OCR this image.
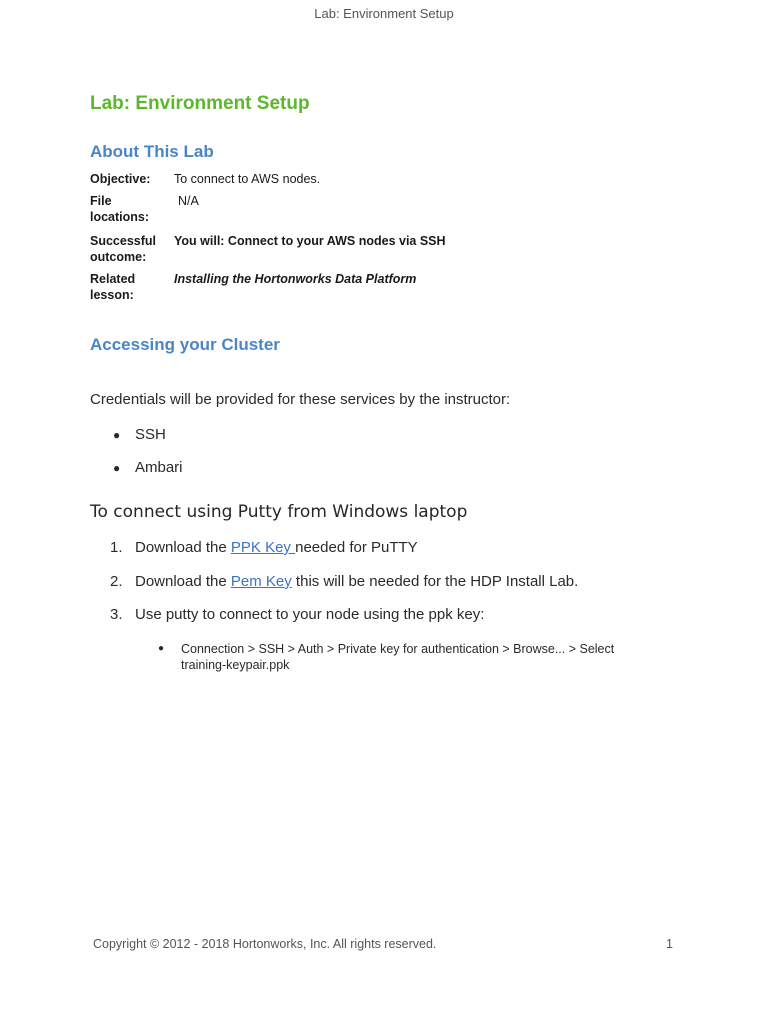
Lab: Environment Setup
Lab: Environment Setup
About This Lab
Objective:	To connect to AWS nodes.
File locations:
N/A
Successful outcome:
You will: Connect to your AWS nodes via SSH
Related lesson:
Installing the Hortonworks Data Platform
Accessing your Cluster
Credentials will be provided for these services by the instructor:
● SSH
● Ambari
To connect using Putty from Windows laptop
1. Download the PPK Key needed for PuTTY
2. Download the Pem Key this will be needed for the HDP Install Lab.
3. Use putty to connect to your node using the ppk key:
● Connection > SSH > Auth > Private key for authentication > Browse... > Select training-keypair.ppk
Copyright © 2012 - 2018 Hortonworks, Inc. All rights reserved.	1
